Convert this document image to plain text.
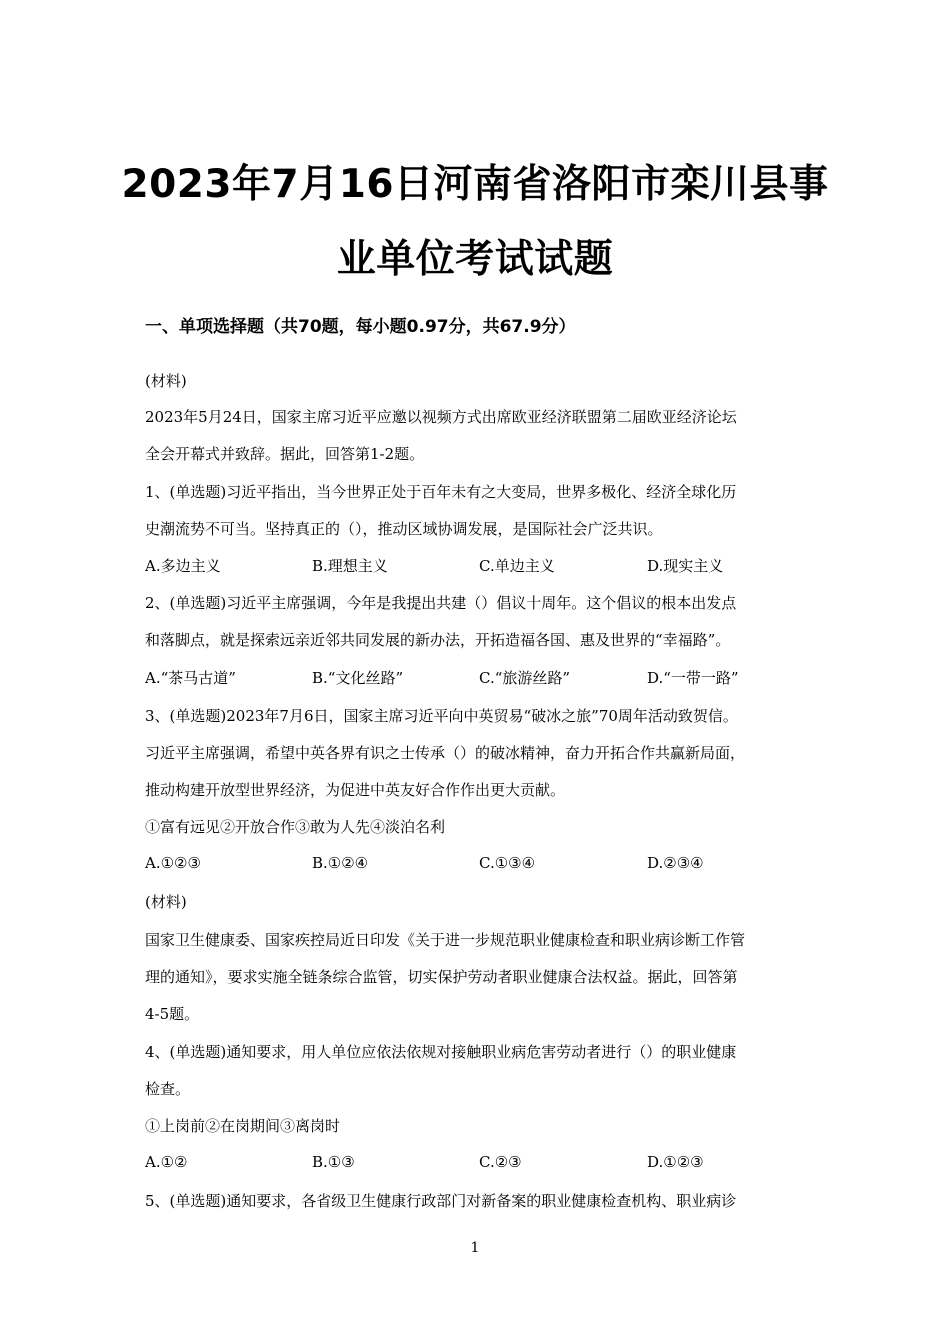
2023年7月16日河南省洛阳市栾川县事
业单位考试试题
一、单项选择题（共70题，每小题0.97分，共67.9分）
(材料)
2023年5月24日，国家主席习近平应邀以视频方式出席欧亚经济联盟第二届欧亚经济论坛
全会开幕式并致辞。据此，回答第1-2题。
1、(单选题)习近平指出，当今世界正处于百年未有之大变局，世界多极化、经济全球化历
史潮流势不可当。坚持真正的（），推动区域协调发展，是国际社会广泛共识。
A.多边主义	B.理想主义	C.单边主义	D.现实主义
2、(单选题)习近平主席强调，今年是我提出共建（）倡议十周年。这个倡议的根本出发点
和落脚点，就是探索远亲近邻共同发展的新办法，开拓造福各国、惠及世界的“幸福路”。
A.“茶马古道”	B.“文化丝路”	C.“旅游丝路”	D.“一带一路”
3、(单选题)2023年7月6日，国家主席习近平向中英贸易“破冰之旅”70周年活动致贺信。
习近平主席强调，希望中英各界有识之士传承（）的破冰精神，奋力开拓合作共赢新局面，
推动构建开放型世界经济，为促进中英友好合作作出更大贡献。
①富有远见②开放合作③敢为人先④淡泊名利
A.①②③	B.①②④	C.①③④	D.②③④
(材料)
国家卫生健康委、国家疾控局近日印发《关于进一步规范职业健康检查和职业病诊断工作管
理的通知》，要求实施全链条综合监管，切实保护劳动者职业健康合法权益。据此，回答第
4-5题。
4、(单选题)通知要求，用人单位应依法依规对接触职业病危害劳动者进行（）的职业健康
检查。
①上岗前②在岗期间③离岗时
A.①②	B.①③	C.②③	D.①②③
5、(单选题)通知要求，各省级卫生健康行政部门对新备案的职业健康检查机构、职业病诊
1
